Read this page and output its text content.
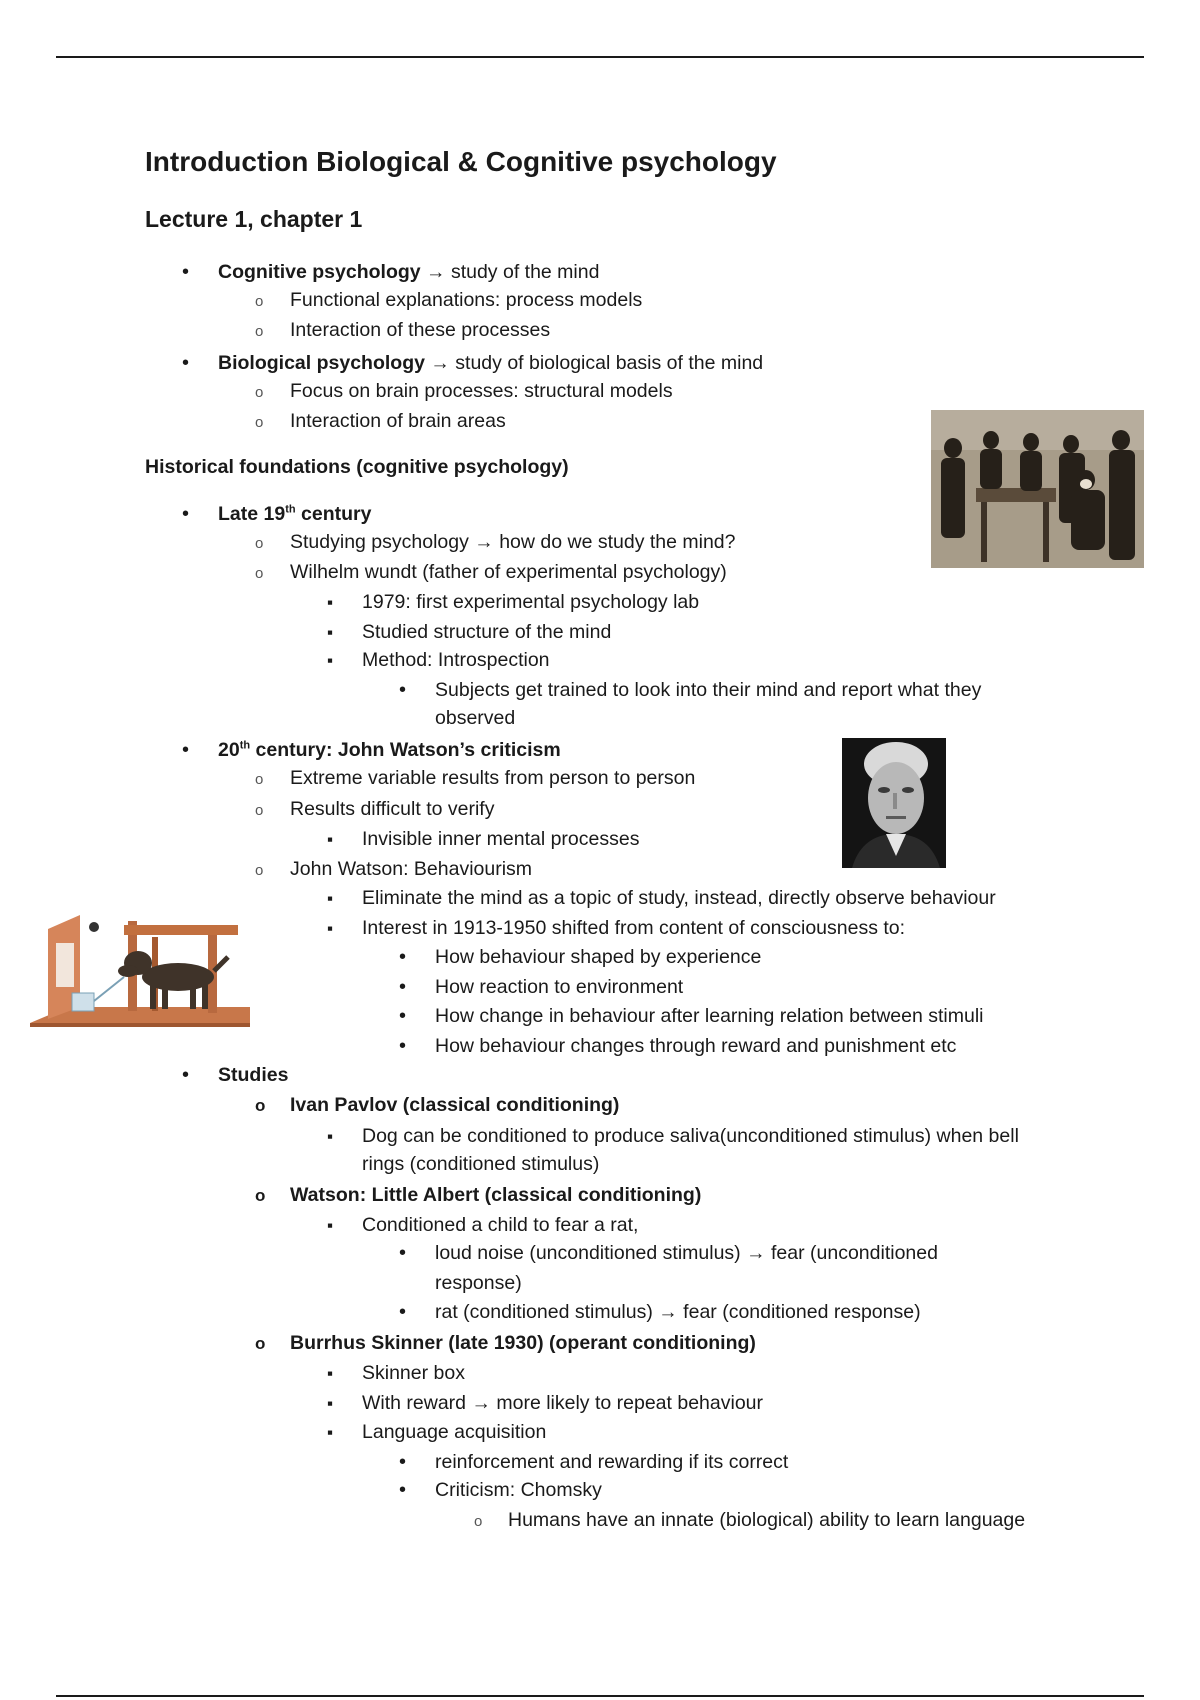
Introduction Biological & Cognitive psychology
Lecture 1, chapter 1
•
Cognitive psychology → study of the mind
o
Functional explanations: process models
o
Interaction of these processes
•
Biological psychology → study of biological basis of the mind
o
Focus on brain processes: structural models
o
Interaction of brain areas
Historical foundations (cognitive psychology)
•
Late 19th century
o
Studying psychology → how do we study the mind?
o
Wilhelm wundt (father of experimental psychology)
▪
1979: first experimental psychology lab
▪
Studied structure of the mind
▪
Method: Introspection
•
Subjects get trained to look into their mind and report what they
observed
•
20th century: John Watson’s criticism
o
Extreme variable results from person to person
o
Results difficult to verify
▪
Invisible inner mental processes
o
John Watson: Behaviourism
▪
Eliminate the mind as a topic of study, instead, directly observe behaviour
▪
Interest in 1913-1950 shifted from content of consciousness to:
•
How behaviour shaped by experience
•
How reaction to environment
•
How change in behaviour after learning relation between stimuli
•
How behaviour changes through reward and punishment etc
•
Studies
o
Ivan Pavlov (classical conditioning)
▪
Dog can be conditioned to produce saliva(unconditioned stimulus) when bell
rings (conditioned stimulus)
o
Watson: Little Albert (classical conditioning)
▪
Conditioned a child to fear a rat,
•
loud noise (unconditioned stimulus) → fear (unconditioned
response)
•
rat (conditioned stimulus) → fear (conditioned response)
o
Burrhus Skinner (late 1930) (operant conditioning)
▪
Skinner box
▪
With reward → more likely to repeat behaviour
▪
Language acquisition
•
reinforcement and rewarding if its correct
•
Criticism: Chomsky
o
Humans have an innate (biological) ability to learn language
